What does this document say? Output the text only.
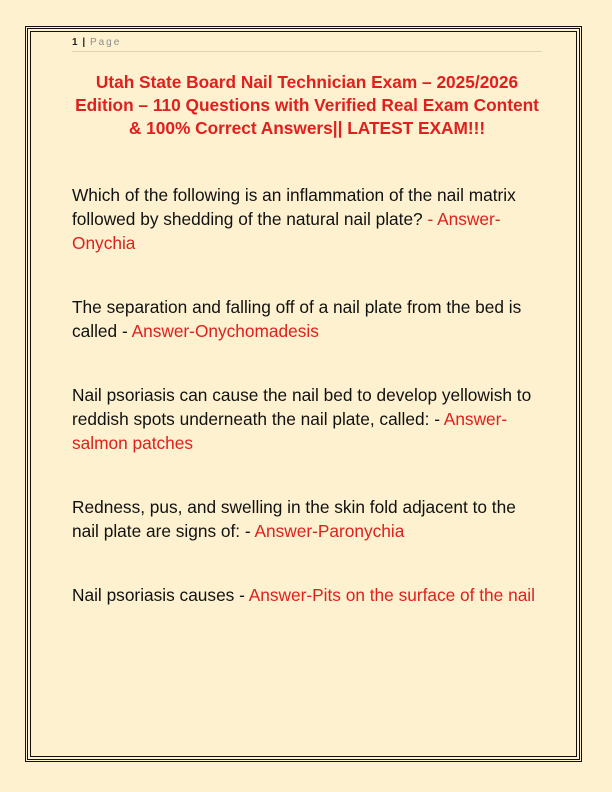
1 | Page
Utah State Board Nail Technician Exam – 2025/2026 Edition – 110 Questions with Verified Real Exam Content & 100% Correct Answers|| LATEST EXAM!!!

Which of the following is an inflammation of the nail matrix followed by shedding of the natural nail plate? - Answer-Onychia

The separation and falling off of a nail plate from the bed is called - Answer-Onychomadesis

Nail psoriasis can cause the nail bed to develop yellowish to reddish spots underneath the nail plate, called: - Answer-salmon patches

Redness, pus, and swelling in the skin fold adjacent to the nail plate are signs of: - Answer-Paronychia

Nail psoriasis causes - Answer-Pits on the surface of the nail
